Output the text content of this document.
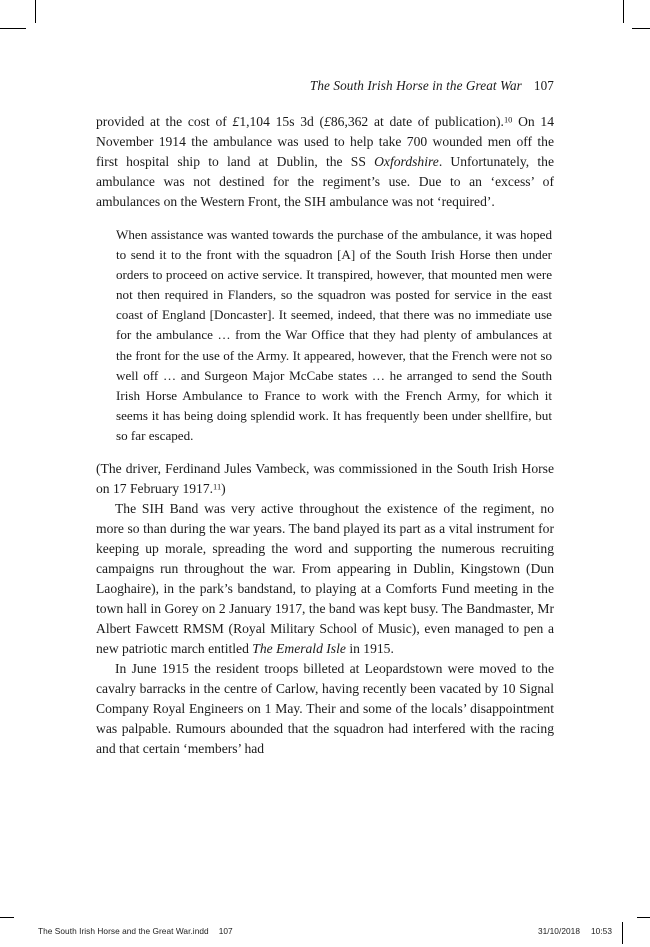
The South Irish Horse in the Great War 107

provided at the cost of £1,104 15s 3d (£86,362 at date of publication).$^{10}$ On 14 November 1914 the ambulance was used to help take 700 wounded men off the first hospital ship to land at Dublin, the SS Oxfordshire. Unfortunately, the ambulance was not destined for the regiment’s use. Due to an ‘excess’ of ambulances on the Western Front, the SIH ambulance was not ‘required’.

When assistance was wanted towards the purchase of the ambulance, it was hoped to send it to the front with the squadron [A] of the South Irish Horse then under orders to proceed on active service. It transpired, however, that mounted men were not then required in Flanders, so the squadron was posted for service in the east coast of England [Doncaster]. It seemed, indeed, that there was no immediate use for the ambulance … from the War Office that they had plenty of ambulances at the front for the use of the Army. It appeared, however, that the French were not so well off … and Surgeon Major McCabe states … he arranged to send the South Irish Horse Ambulance to France to work with the French Army, for which it seems it has being doing splendid work. It has frequently been under shellfire, but so far escaped.

(The driver, Ferdinand Jules Vambeck, was commissioned in the South Irish Horse on 17 February 1917.11)

The SIH Band was very active throughout the existence of the regiment, no more so than during the war years. The band played its part as a vital instrument for keeping up morale, spreading the word and supporting the numerous recruiting campaigns run throughout the war. From appearing in Dublin, Kingstown (Dun Laoghaire), in the park’s bandstand, to playing at a Comforts Fund meeting in the town hall in Gorey on 2 January 1917, the band was kept busy. The Bandmaster, Mr Albert Fawcett RMSM (Royal Military School of Music), even managed to pen a new patriotic march entitled The Emerald Isle in 1915.

In June 1915 the resident troops billeted at Leopardstown were moved to the cavalry barracks in the centre of Carlow, having recently been vacated by 10 Signal Company Royal Engineers on 1 May. Their and some of the locals’ disappointment was palpable. Rumours abounded that the squadron had interfered with the racing and that certain ‘members’ had

The South Irish Horse and the Great War.indd 107	31/10/2018 10:53
